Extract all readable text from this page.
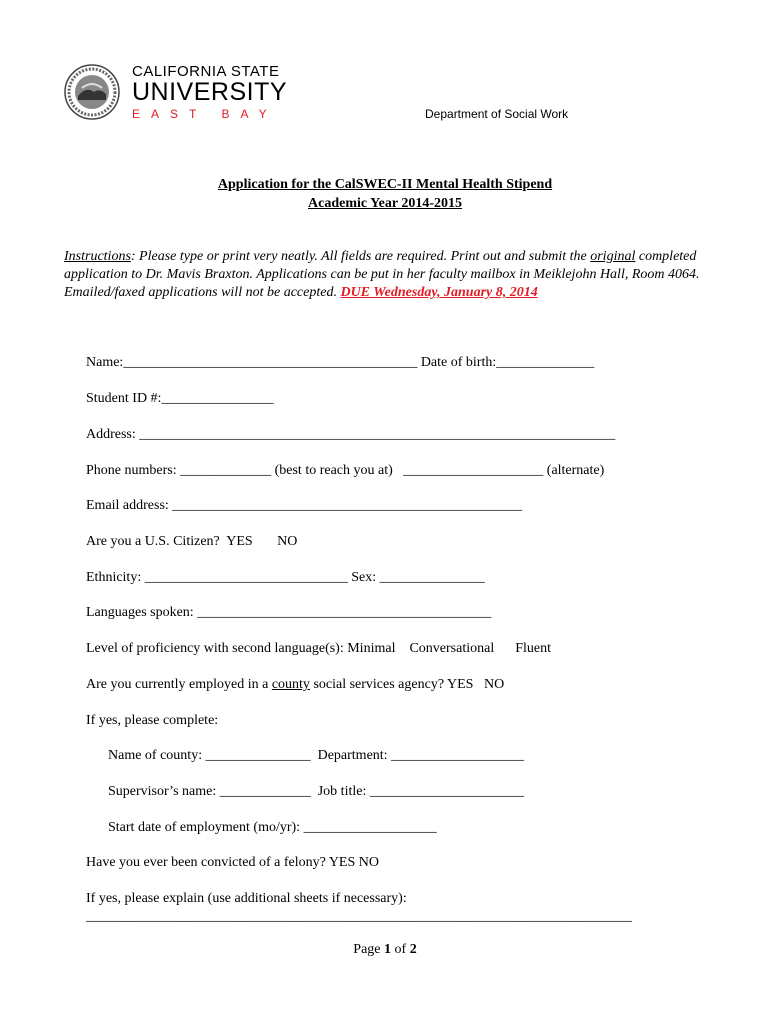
CALIFORNIA STATE
UNIVERSITY
EAST BAY	Department of Social Work
Application for the CalSWEC-II Mental Health Stipend
Academic Year 2014-2015
Instructions: Please type or print very neatly. All fields are required. Print out and submit the original completed application to Dr. Mavis Braxton. Applications can be put in her faculty mailbox in Meiklejohn Hall, Room 4064. Emailed/faxed applications will not be accepted. DUE Wednesday, January 8, 2014
Name:__________________________________________ Date of birth:______________
Student ID #:________________
Address: ____________________________________________________________________
Phone numbers: _____________ (best to reach you at)   ____________________ (alternate)
Email address: __________________________________________________
Are you a U.S. Citizen?  YES       NO
Ethnicity: _____________________________ Sex: _______________
Languages spoken: __________________________________________
Level of proficiency with second language(s): Minimal    Conversational      Fluent
Are you currently employed in a county social services agency? YES   NO
If yes, please complete:
Name of county: _______________  Department: ___________________
Supervisor’s name: _____________  Job title: ______________________
Start date of employment (mo/yr): ___________________
Have you ever been convicted of a felony? YES NO
If yes, please explain (use additional sheets if necessary):
______________________________________________________________________________
Page 1 of 2
